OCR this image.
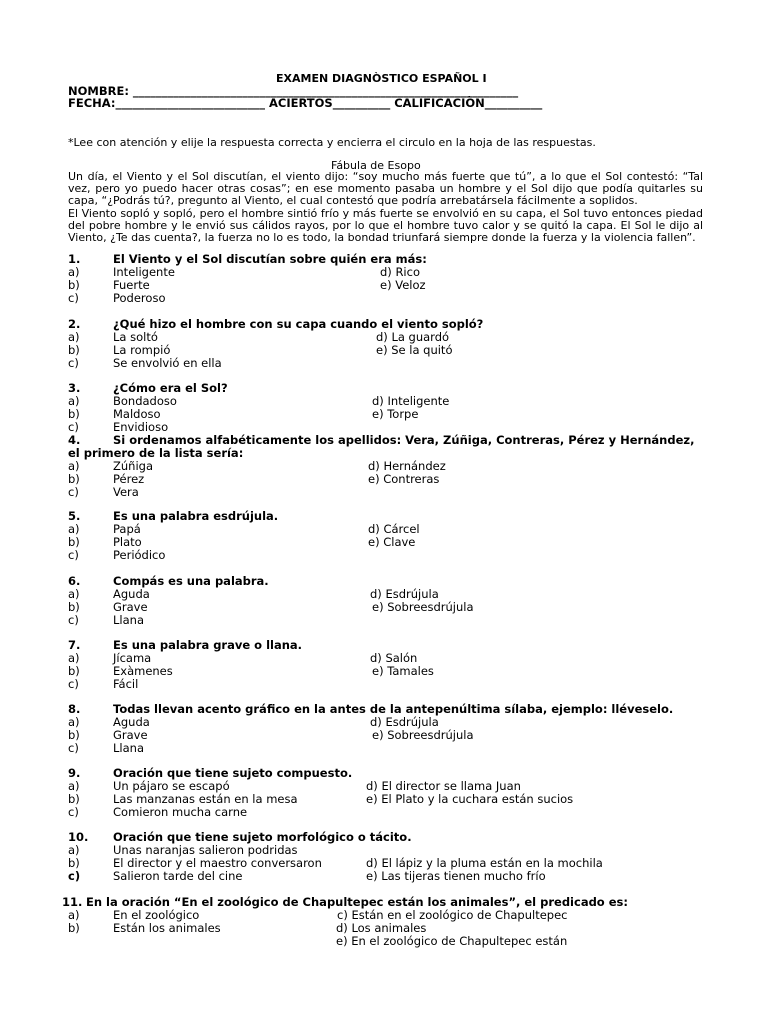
EXAMEN DIAGNÒSTICO ESPAÑOL I
NOMBRE: ___________________________________________________________________
FECHA:__________________________ ACIERTOS__________ CALIFICACIÒN__________
*Lee con atención y elije la respuesta correcta y encierra el circulo en la hoja de las respuestas.
Fábula de Esopo

Un día, el Viento y el Sol discutían, el viento dijo: “soy mucho más fuerte que tú”, a lo que el Sol contestó: “Tal vez, pero yo puedo hacer otras cosas”; en ese momento pasaba un hombre y el Sol dijo que podía quitarles su capa, “¿Podrás tú?, pregunto al Viento, el cual contestó que podría arrebatársela fácilmente a soplidos.

El Viento sopló y sopló, pero el hombre sintió frío y más fuerte se envolvió en su capa, el Sol tuvo entonces piedad del pobre hombre y le envió sus cálidos rayos, por lo que el hombre tuvo calor y se quitó la capa. El Sol le dijo al Viento, ¿Te das cuenta?, la fuerza no lo es todo, la bondad triunfará siempre donde la fuerza y la violencia fallen”.

1.	El Viento y el Sol discutían sobre quién era más:
a)	Inteligente	d) Rico
b)	Fuerte	e) Veloz
c)	Poderoso
2.	¿Qué hizo el hombre con su capa cuando el viento sopló?
a)	La soltó	d) La guardó
b)	La rompió	e) Se la quitó
c)	Se envolvió en ella
3.	¿Cómo era el Sol?
a)	Bondadoso	d) Inteligente
b)	Maldoso	e) Torpe
c)	Envidioso
4.	Si ordenamos alfabéticamente los apellidos: Vera, Zúñiga, Contreras, Pérez y Hernández,
el primero de la lista sería:
a)	Zúñiga	d) Hernández
b)	Pérez	e) Contreras
c)	Vera
5.	Es una palabra esdrújula.
a)	Papá	d) Cárcel
b)	Plato	e) Clave
c)	Periódico
6.	Compás es una palabra.
a)	Aguda	d) Esdrújula
b)	Grave	e) Sobreesdrújula
c)	Llana
7.	Es una palabra grave o llana.
a)	Jícama	d) Salón
b)	Exàmenes	e) Tamales
c)	Fácil
8.	Todas llevan acento gráfico en la antes de la antepenúltima sílaba, ejemplo: lléveselo.
a)	Aguda	d) Esdrújula
b)	Grave	e) Sobreesdrújula
c)	Llana
9.	Oración que tiene sujeto compuesto.
a)	Un pájaro se escapó	d) El director se llama Juan
b)	Las manzanas están en la mesa	e) El Plato y la cuchara están sucios
c)	Comieron mucha carne
10. Oración que tiene sujeto morfológico o tácito.
a)	Unas naranjas salieron podridas
b)	El director y el maestro conversaron	d) El lápiz y la pluma están en la mochila
c)	Salieron tarde del cine	e) Las tijeras tienen mucho frío
11. En la oración “En el zoológico de Chapultepec están los animales”, el predicado es:
a)	En el zoológico	c) Están en el zoológico de Chapultepec
b)	Están los animales	d) Los animales
e) En el zoológico de Chapultepec están
